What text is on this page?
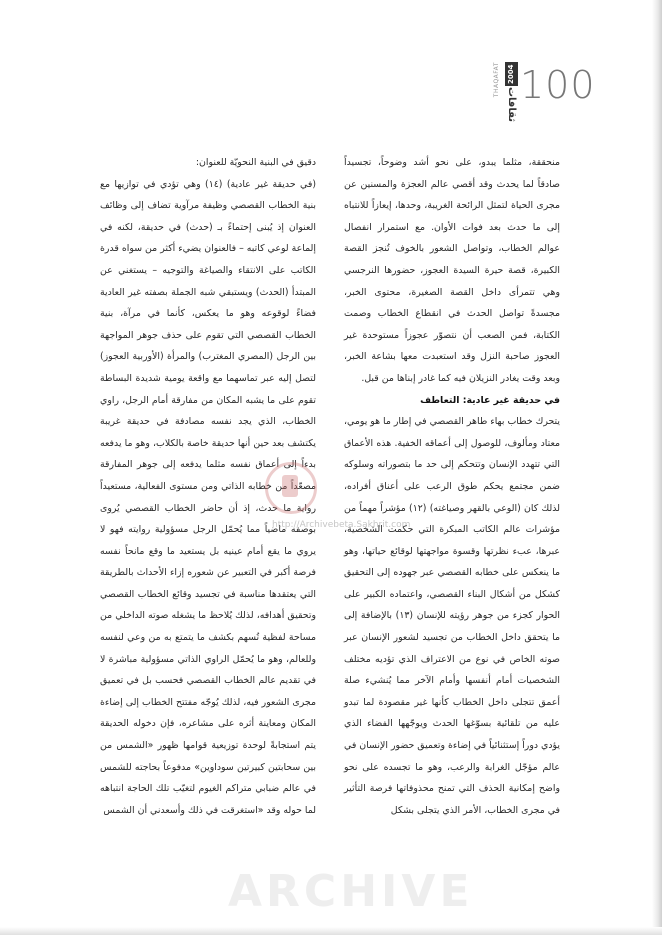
100
2004
ثقافات
THAQAFAT

منحققة، مثلما يبدو، على نحو أشد وضوحاً، تجسيداً صادقاً لما يحدث وقد أقصي عالم العجزة والمسنين عن مجرى الحياة لتمثل الرائحة الغريبة، وحدها، إيعازاً للانتباه إلى ما حدث بعد فوات الأوان. مع استمرار انفصال عوالم الخطاب، وتواصل الشعور بالخوف تُنجز القصة الكبيرة، قصة حيرة السيدة العجوز، حضورها النرجسي وهي تتمرأى داخل القصة الصغيرة، محتوى الخبر، مجسدةً تواصل الحدث في انقطاع الخطاب وصمت الكتابة، فمن الصعب أن نتصوّر عجوزاً مستوحدة غير العجوز صاحبة النزل وقد استعبدت معها بشاعة الخبر، وبعد وقت يغادر النزيلان فيه كما غادر إبناها من قبل.

في حديقة غير عادية: التعاطف

يتحرك خطاب بهاء طاهر القصصي في إطار ما هو يومي، معتاد ومألوف، للوصول إلى أعماقه الخفية. هذه الأعماق التي تتهدد الإنسان وتتحكم إلى حد ما بتصوراته وسلوكه ضمن مجتمع يحكم طوق الرعب على أعناق أفراده، لذلك كان (الوعي بالقهر وصياغته) (١٢) مؤشراً مهماً من مؤشرات عالم الكاتب المبكرة التي حكمت الشخصية، عبرها، عبء نظرتها وقسوة مواجهتها لوقائع حياتها، وهو ما ينعكس على خطابه القصصي عبر جهوده إلى التحقيق كشكل من أشكال البناء القصصي، واعتماده الكبير على الحوار كجزء من جوهر رؤيته للإنسان (١٣) بالإضافة إلى ما يتحقق داخل الخطاب من تجسيد لشعور الإنسان عبر صوته الخاص في نوع من الاعتراف الذي تؤديه مختلف الشخصيات أمام أنفسها وأمام الآخر مما يُنشيء صلة أعمق تتجلى داخل الخطاب كأنها غير مقصودة لما تبدو عليه من تلقائية بسوّغها الحدث ويوجّهها الفضاء الذي يؤدي دوراً إستثنائياً في إضاءة وتعميق حضور الإنسان في عالم مؤجّل الغرابة والرعب، وهو ما تجسده على نحو واضح إمكانية الحذف التي تمنح محذوفاتها فرصة التأثير في مجرى الخطاب، الأمر الذي يتجلى بشكل

دقيق في البنية النحويّة للعنوان:

(في حديقة غير عادية) (١٤) وهي تؤدي في توازيها مع بنية الخطاب القصصي وظيفة مرآوية تضاف إلى وظائف العنوان إذ يُبنى إحتماءً بـ (حدث) في حديقة، لكنه في إلماعة لوعي كاتبه – فالعنوان يضيء أكثر من سواه قدرة الكاتب على الانتقاء والصياغة والتوجيه – يستغني عن المبتدأ (الحدث) ويستبقي شبه الجملة بصفته غير العادية فضاءً لوقوعه وهو ما يعكس، كأنما في مرآة، بنية الخطاب القصصي التي تقوم على حذف جوهر المواجهة بين الرجل (المصري المغترب) والمرأة (الأوربية العجوز) لتصل إليه عبر تماسهما مع واقعة يومية شديدة البساطة تقوم على ما يشبه المكان من مفارقة أمام الرجل، راوي الخطاب، الذي يجد نفسه مصادفة في حديقة غريبة يكتشف بعد حين أنها حديقة خاصة بالكلاب، وهو ما يدفعه بدءاً إلى أعماق نفسه مثلما يدفعه إلى جوهر المفارقة مصعّداً من خطابه الذاتي ومن مستوى الفعالية، مستعيداً رواية ما حدث، إذ أن حاضر الخطاب القصصي يُروى بوصفه ماضياً مما يُحمّل الرجل مسؤولية روايته فهو لا يروي ما يقع أمام عينيه بل يستعيد ما وقع مانحاً نفسه فرصة أكبر في التعبير عن شعوره إزاء الأحداث بالطريقة التي يعتقدها مناسبة في تجسيد وقائع الخطاب القصصي وتحقيق أهدافه، لذلك يُلاحظ ما يشغله صوته الداخلي من مساحة لفظية تُسهم بكشف ما يتمتع به من وعي لنفسه وللعالم، وهو ما يُحمّل الراوي الذاتي مسؤولية مباشرة لا في تقديم عالم الخطاب القصصي فحسب بل في تعميق مجرى الشعور فيه، لذلك يُوجّه مفتتح الخطاب إلى إضاءة المكان ومعاينة أثره على مشاعره، فإن دخوله الحديقة يتم استجابةً لوحدة توزيعية قوامها ظهور «الشمس من بين سحابتين كبيرتين سوداوين» مدفوعاً بحاجته للشمس في عالم ضبابي متراكم الغيوم لتغيّب تلك الحاجة انتباهه لما حوله وقد «استغرقت في ذلك وأسعدني أن الشمس

http://Archivebeta.Sakhrit.com
ARCHIVE
